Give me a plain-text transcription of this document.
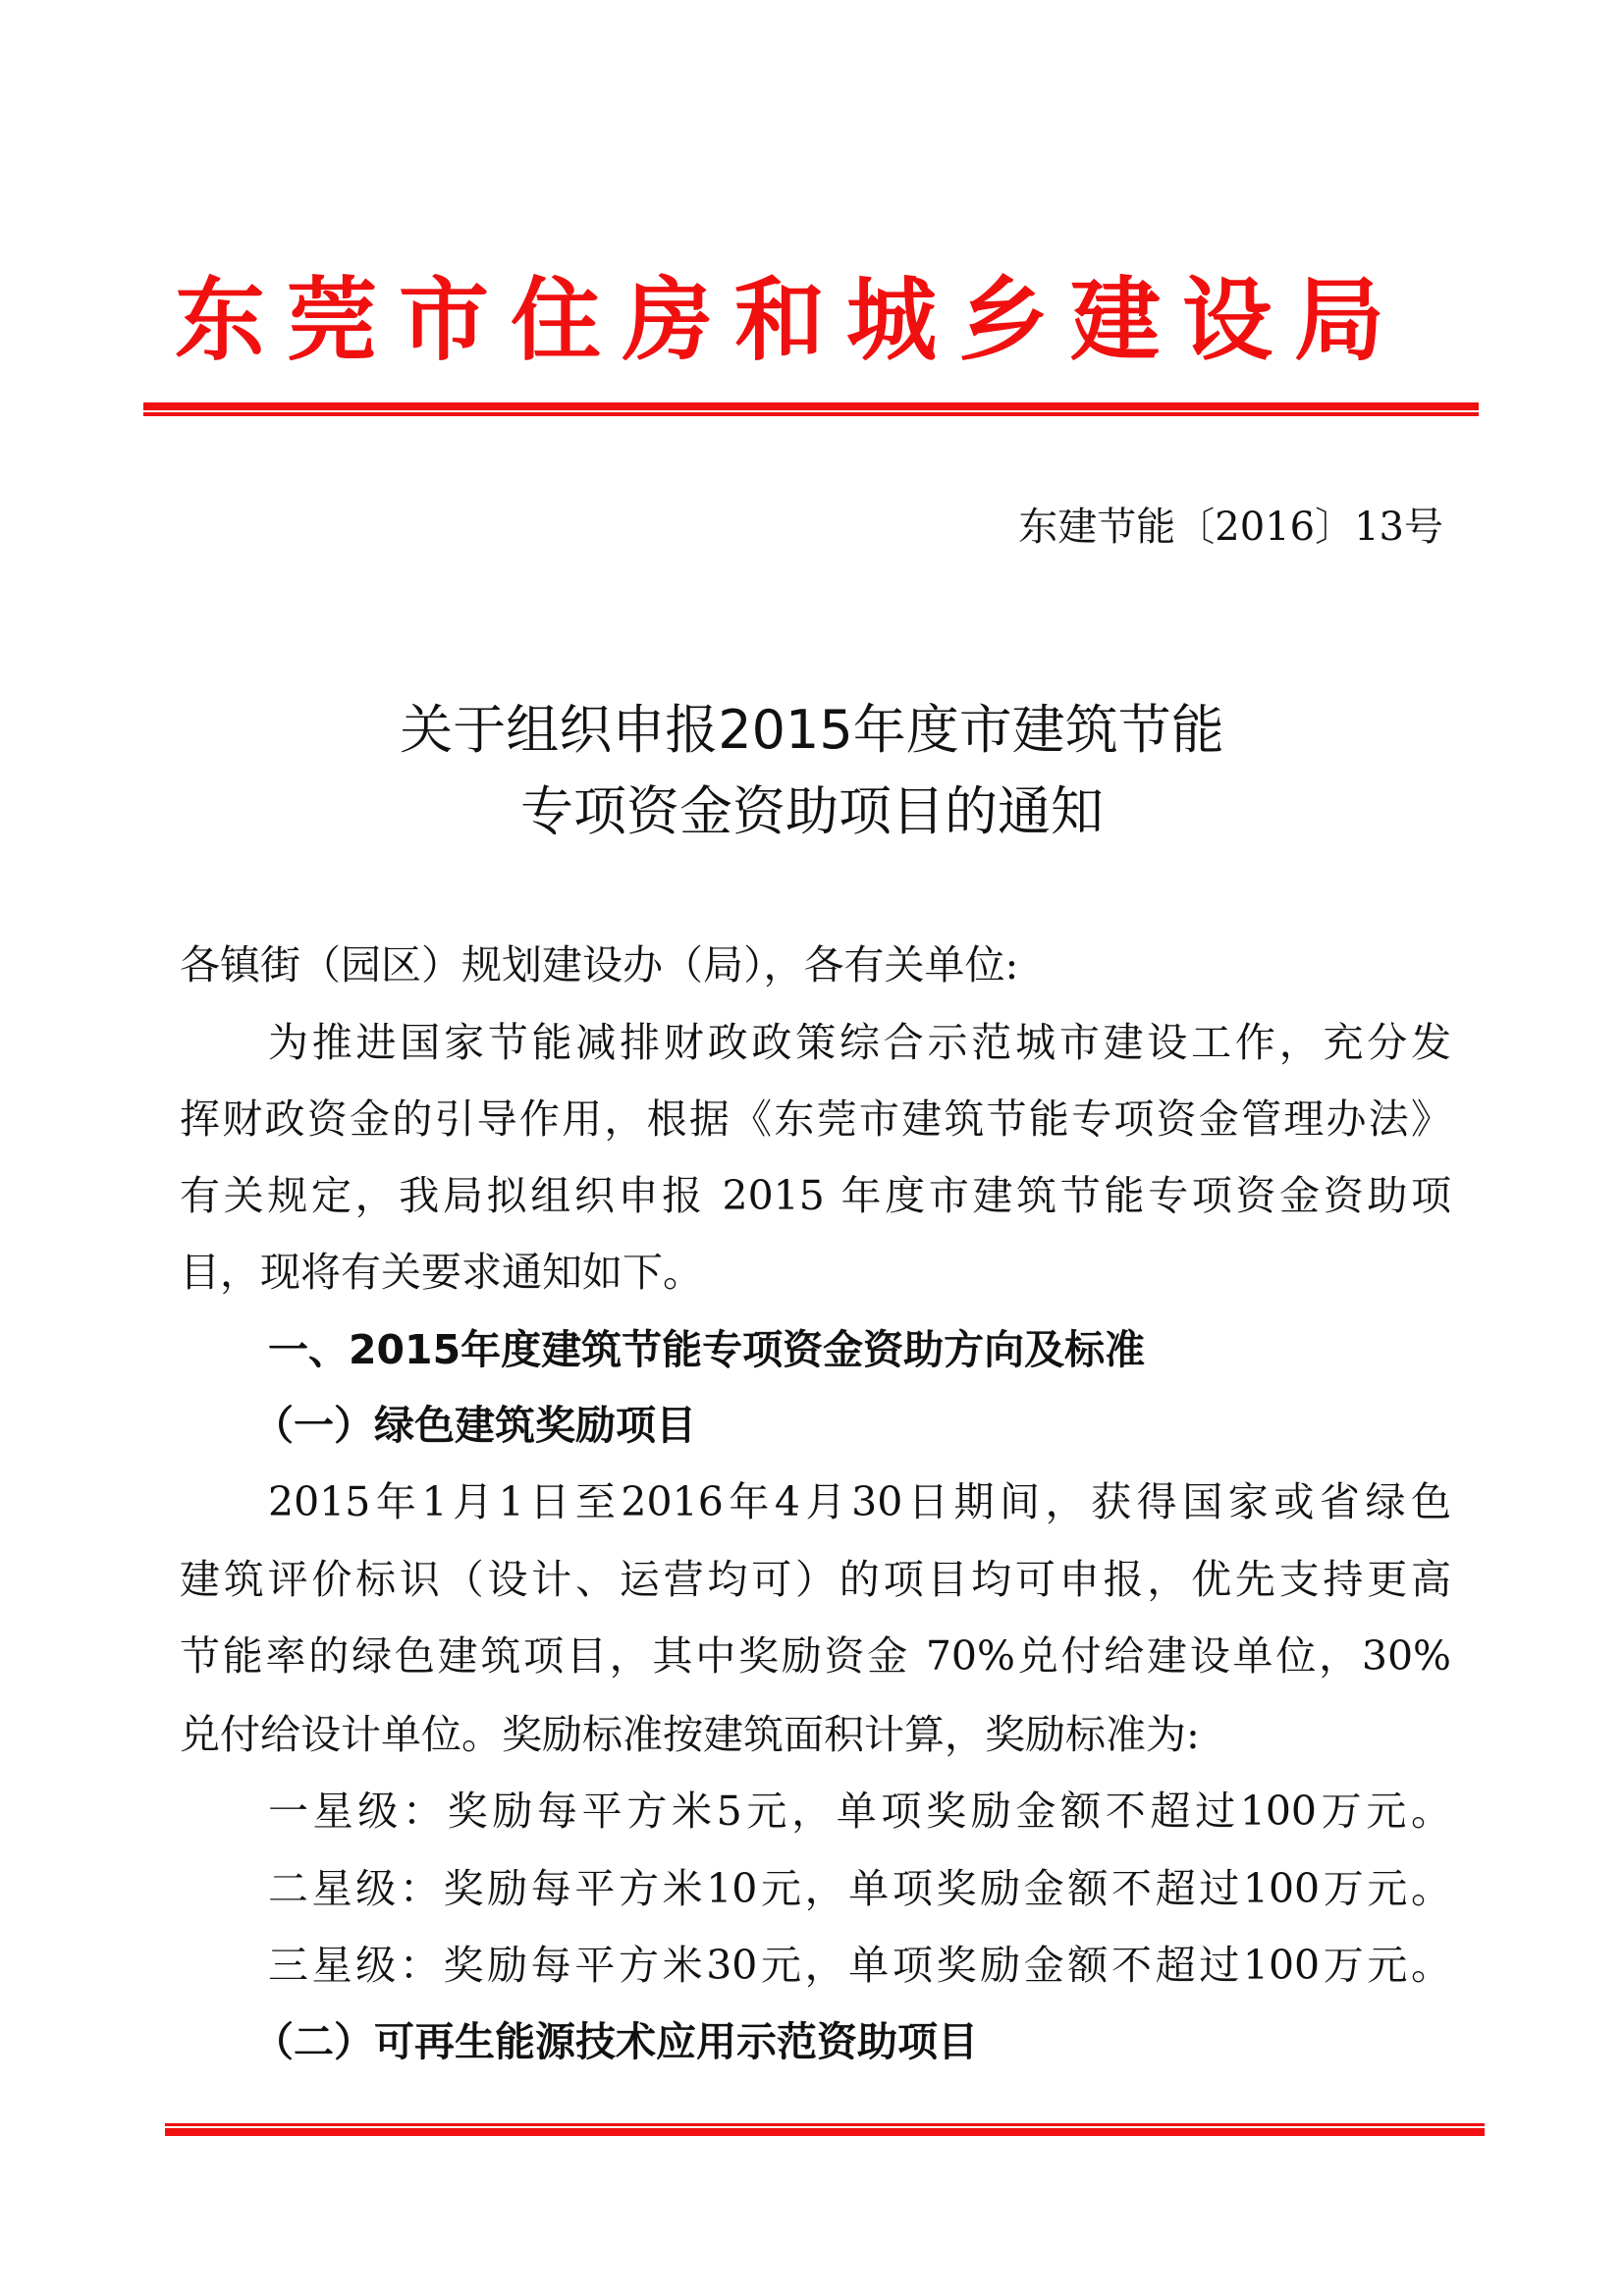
东莞市住房和城乡建设局
东建节能〔2016〕13号
关于组织申报2015年度市建筑节能
专项资金资助项目的通知
各镇街（园区）规划建设办（局），各有关单位:
为推进国家节能减排财政政策综合示范城市建设工作，充分发
挥财政资金的引导作用，根据《东莞市建筑节能专项资金管理办法》
有关规定，我局拟组织申报 2015 年度市建筑节能专项资金资助项
目，现将有关要求通知如下。
一、2015年度建筑节能专项资金资助方向及标准
（一）绿色建筑奖励项目
2015年1月1日至2016年4月30日期间，获得国家或省绿色
建筑评价标识（设计、运营均可）的项目均可申报，优先支持更高
节能率的绿色建筑项目，其中奖励资金 70%兑付给建设单位，30%
兑付给设计单位。奖励标准按建筑面积计算，奖励标准为:
一星级：奖励每平方米5元，单项奖励金额不超过100万元。
二星级：奖励每平方米10元，单项奖励金额不超过100万元。
三星级：奖励每平方米30元，单项奖励金额不超过100万元。
（二）可再生能源技术应用示范资助项目
